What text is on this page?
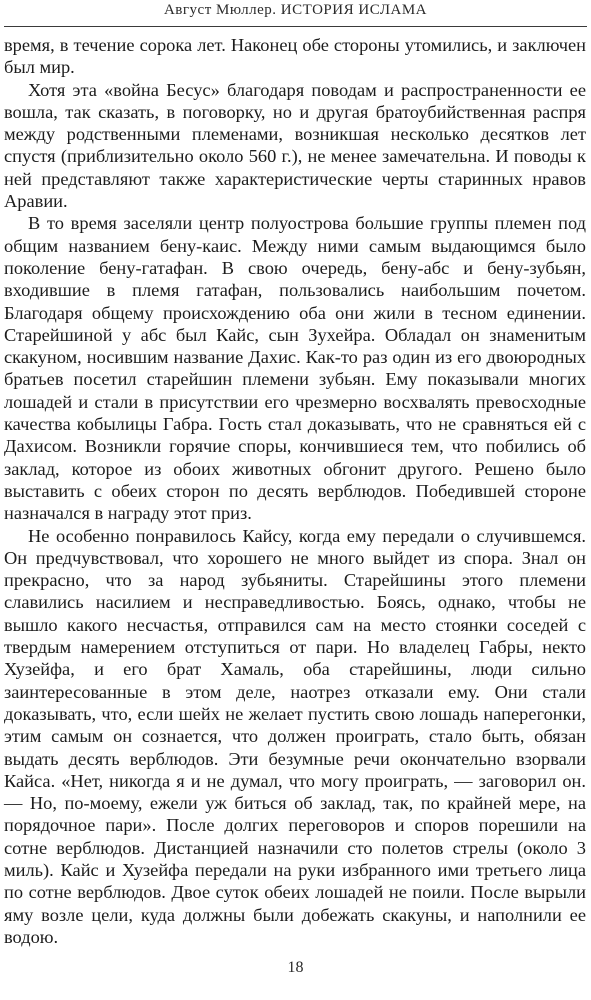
Август Мюллер. ИСТОРИЯ ИСЛАМА

время, в течение сорока лет. Наконец обе стороны утомились, и заключен был мир.

Хотя эта «война Бесус» благодаря поводам и распространенности ее вошла, так сказать, в поговорку, но и другая братоубийственная распря между родственными племенами, возникшая несколько десятков лет спустя (приблизительно около 560 г.), не менее замечательна. И поводы к ней представляют также характеристические черты старинных нравов Аравии.

В то время заселяли центр полуострова большие группы племен под общим названием бену-каис. Между ними самым выдающимся было поколение бену-гатафан. В свою очередь, бену-абс и бену-зубьян, входившие в племя гатафан, пользовались наибольшим почетом. Благодаря общему происхождению оба они жили в тесном единении. Старейшиной у абс был Кайс, сын Зухейра. Обладал он знаменитым скакуном, носившим название Дахис. Как-то раз один из его двоюродных братьев посетил старейшин племени зубьян. Ему показывали многих лошадей и стали в присутствии его чрезмерно восхвалять превосходные качества кобылицы Габра. Гость стал доказывать, что не сравняться ей с Дахисом. Возникли горячие споры, кончившиеся тем, что побились об заклад, которое из обоих животных обгонит другого. Решено было выставить с обеих сторон по десять верблюдов. Победившей стороне назначался в награду этот приз.

Не особенно понравилось Кайсу, когда ему передали о случившемся. Он предчувствовал, что хорошего не много выйдет из спора. Знал он прекрасно, что за народ зубьяниты. Старейшины этого племени славились насилием и несправедливостью. Боясь, однако, чтобы не вышло какого несчастья, отправился сам на место стоянки соседей с твердым намерением отступиться от пари. Но владелец Габры, некто Хузейфа, и его брат Хамаль, оба старейшины, люди сильно заинтересованные в этом деле, наотрез отказали ему. Они стали доказывать, что, если шейх не желает пустить свою лошадь наперегонки, этим самым он сознается, что должен проиграть, стало быть, обязан выдать десять верблюдов. Эти безумные речи окончательно взорвали Кайса. «Нет, никогда я и не думал, что могу проиграть, — заговорил он. — Но, по-моему, ежели уж биться об заклад, так, по крайней мере, на порядочное пари». После долгих переговоров и споров порешили на сотне верблюдов. Дистанцией назначили сто полетов стрелы (около 3 миль). Кайс и Хузейфа передали на руки избранного ими третьего лица по сотне верблюдов. Двое суток обеих лошадей не поили. После вырыли яму возле цели, куда должны были добежать скакуны, и наполнили ее водою.

18
